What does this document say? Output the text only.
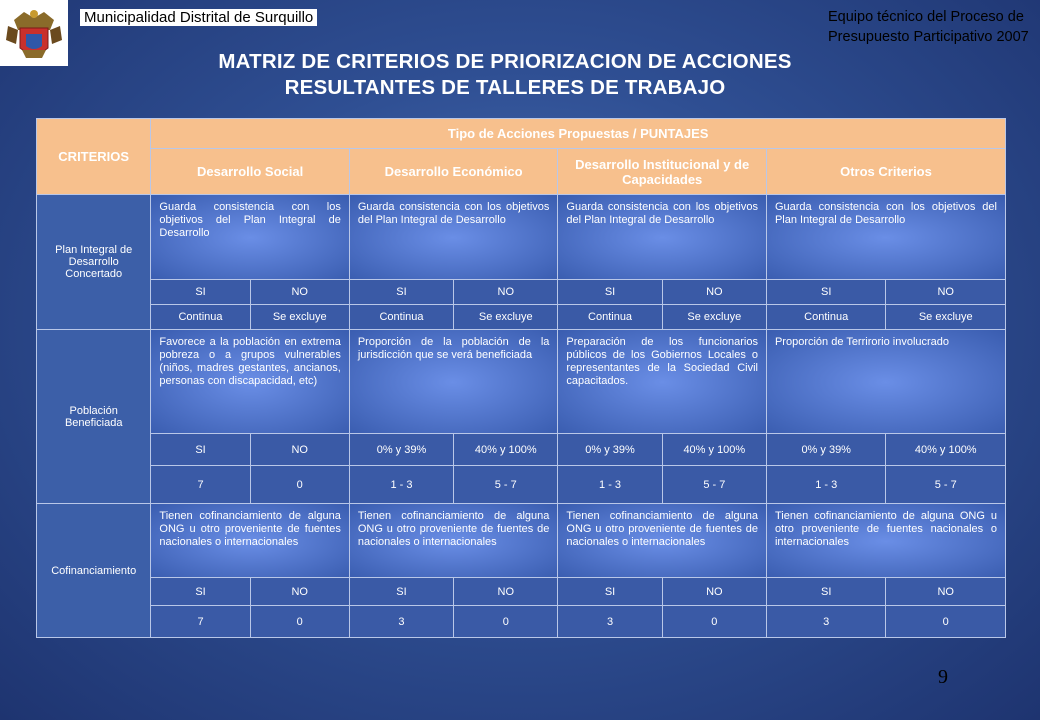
Municipalidad Distrital de Surquillo	Equipo técnico del Proceso de
Presupuesto Participativo 2007
MATRIZ DE CRITERIOS DE PRIORIZACION DE ACCIONES
RESULTANTES DE TALLERES DE TRABAJO
CRITERIOS	Tipo de Acciones Propuestas / PUNTAJES							
	Desarrollo Social		Desarrollo Económico		Desarrollo Institucional y de Capacidades		Otros Criterios	
Plan Integral de Desarrollo Concertado	Guarda consistencia con los objetivos del Plan Integral de Desarrollo		Guarda consistencia con los objetivos del Plan Integral de Desarrollo		Guarda consistencia con los objetivos del Plan Integral de Desarrollo		Guarda consistencia con los objetivos del Plan Integral de Desarrollo	
	SI	NO	SI	NO	SI	NO	SI	NO
	Continua	Se excluye	Continua	Se excluye	Continua	Se excluye	Continua	Se excluye
Población Beneficiada	Favorece a la población en extrema pobreza o a grupos vulnerables (niños, madres gestantes, ancianos, personas con discapacidad, etc)		Proporción de la población de la jurisdicción que se verá beneficiada		Preparación de los funcionarios públicos de los Gobiernos Locales o representantes de la Sociedad Civil capacitados.		Proporción de Terrirorio involucrado	
	SI	NO	0% y 39%	40% y 100%	0% y 39%	40% y 100%	0% y 39%	40% y 100%
	7	0	1 - 3	5 - 7	1 - 3	5 - 7	1 - 3	5 - 7
Cofinanciamiento	Tienen cofinanciamiento de alguna ONG u otro proveniente de fuentes nacionales o internacionales		Tienen cofinanciamiento de alguna ONG u otro proveniente de fuentes de nacionales o internacionales		Tienen cofinanciamiento de alguna ONG u otro proveniente de fuentes de nacionales o internacionales		Tienen cofinanciamiento de alguna ONG u otro proveniente de fuentes nacionales o internacionales	
	SI	NO	SI	NO	SI	NO	SI	NO
	7	0	3	0	3	0	3	0
9
